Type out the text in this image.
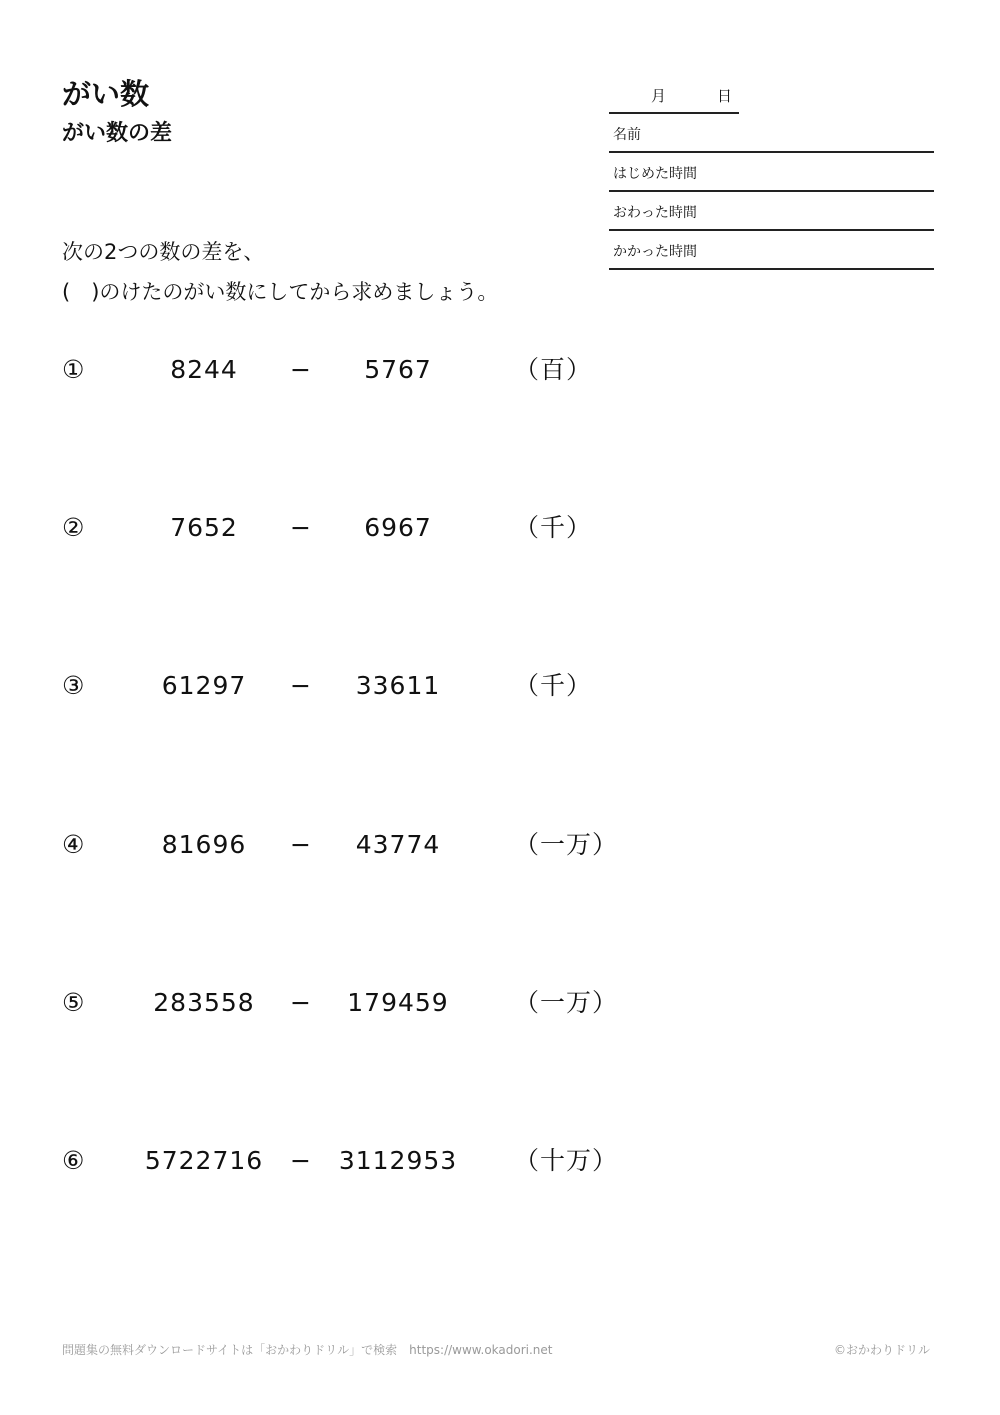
がい数
がい数の差
月	日
名前
はじめた時間
おわった時間
かかった時間
次の2つの数の差を、
(　)のけたのがい数にしてから求めましょう。
①	8244	−	5767	（百）
②	7652	−	6967	（千）
③	61297	−	33611	（千）
④	81696	−	43774	（一万）
⑤	283558	−	179459	（一万）
⑥	5722716	−	3112953	（十万）
問題集の無料ダウンロードサイトは「おかわりドリル」で検索　https://www.okadori.net	©おかわりドリル
